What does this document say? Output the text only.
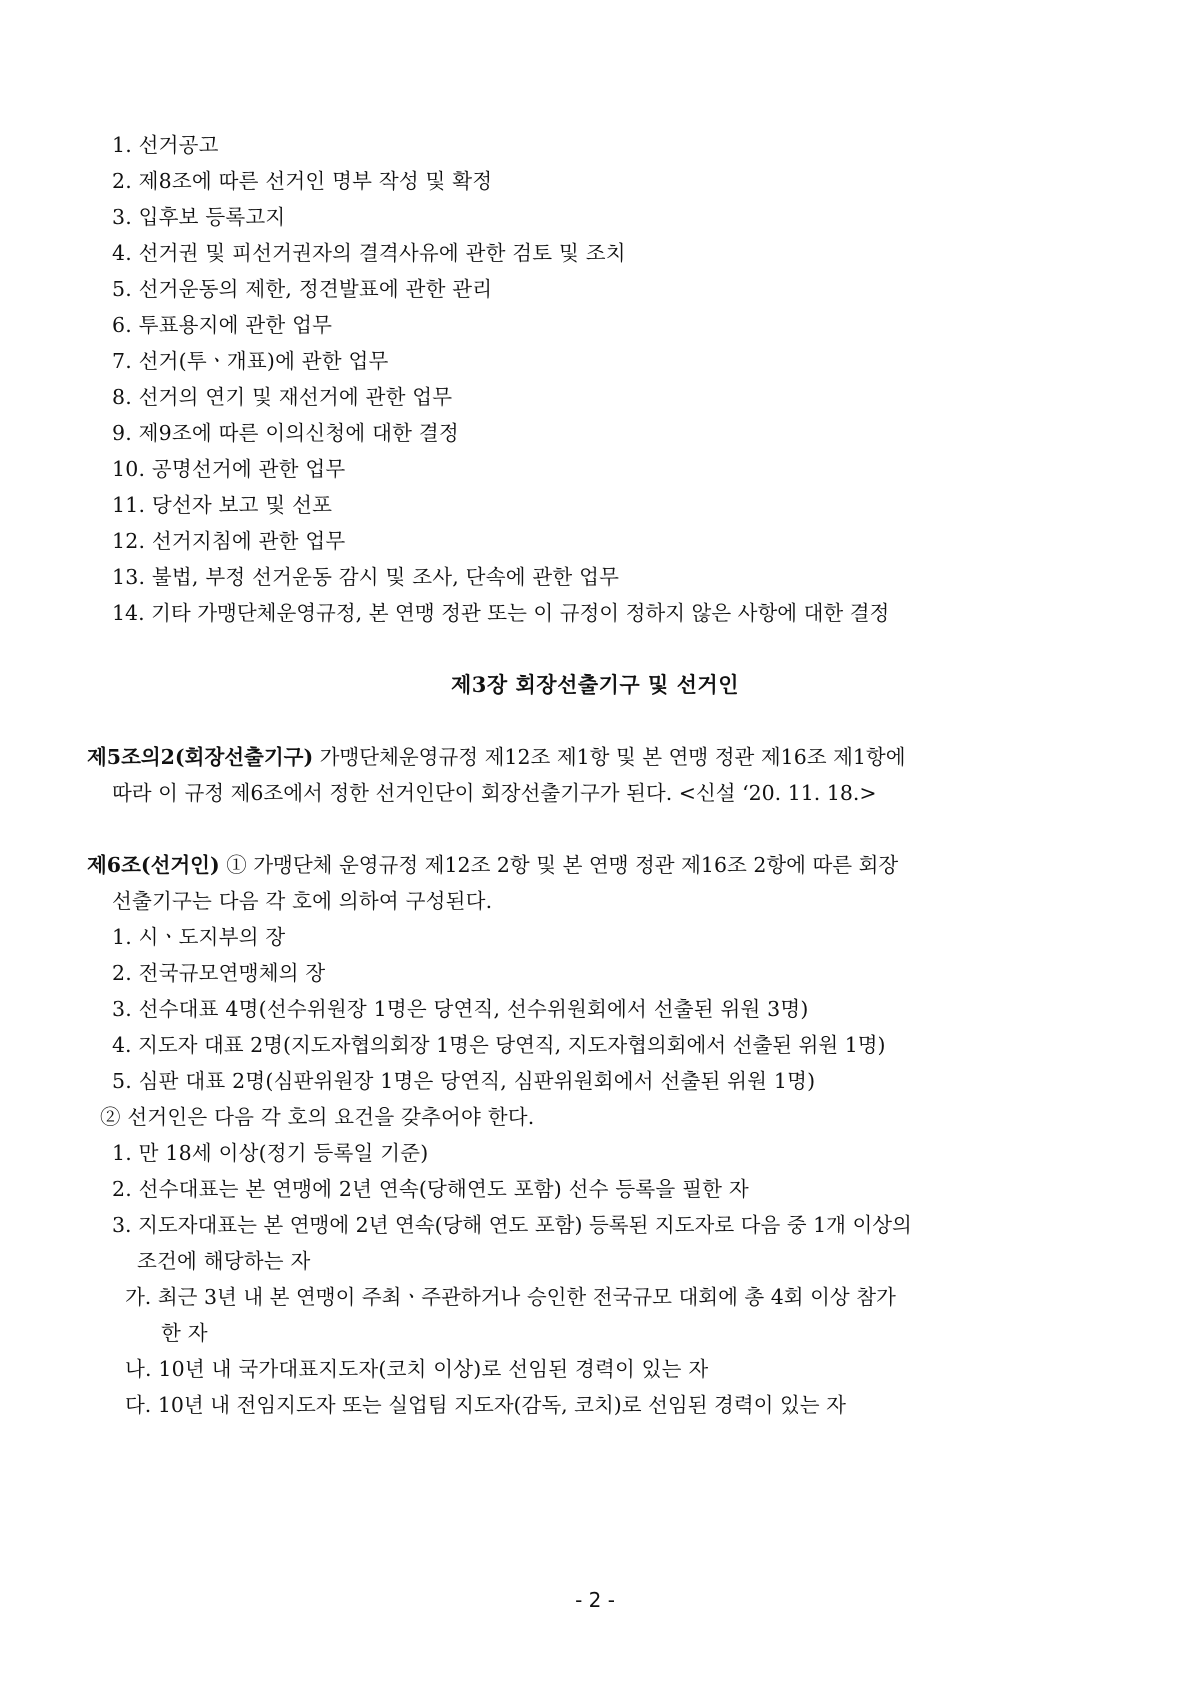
1. 선거공고
2. 제8조에 따른 선거인 명부 작성 및 확정
3. 입후보 등록고지
4. 선거권 및 피선거권자의 결격사유에 관한 검토 및 조치
5. 선거운동의 제한, 정견발표에 관한 관리
6. 투표용지에 관한 업무
7. 선거(투ㆍ개표)에 관한 업무
8. 선거의 연기 및 재선거에 관한 업무
9. 제9조에 따른 이의신청에 대한 결정
10. 공명선거에 관한 업무
11. 당선자 보고 및 선포
12. 선거지침에 관한 업무
13. 불법, 부정 선거운동 감시 및 조사, 단속에 관한 업무
14. 기타 가맹단체운영규정, 본 연맹 정관 또는 이 규정이 정하지 않은 사항에 대한 결정
제3장 회장선출기구 및 선거인
제5조의2(회장선출기구) 가맹단체운영규정 제12조 제1항 및 본 연맹 정관 제16조 제1항에
따라 이 규정 제6조에서 정한 선거인단이 회장선출기구가 된다. <신설 ‘20. 11. 18.>
제6조(선거인) ① 가맹단체 운영규정 제12조 2항 및 본 연맹 정관 제16조 2항에 따른 회장
선출기구는 다음 각 호에 의하여 구성된다.
1. 시ㆍ도지부의 장
2. 전국규모연맹체의 장
3. 선수대표 4명(선수위원장 1명은 당연직, 선수위원회에서 선출된 위원 3명)
4. 지도자 대표 2명(지도자협의회장 1명은 당연직, 지도자협의회에서 선출된 위원 1명)
5. 심판 대표 2명(심판위원장 1명은 당연직, 심판위원회에서 선출된 위원 1명)
② 선거인은 다음 각 호의 요건을 갖추어야 한다.
1. 만 18세 이상(정기 등록일 기준)
2. 선수대표는 본 연맹에 2년 연속(당해연도 포함) 선수 등록을 필한 자
3. 지도자대표는 본 연맹에 2년 연속(당해 연도 포함) 등록된 지도자로 다음 중 1개 이상의
조건에 해당하는 자
가. 최근 3년 내 본 연맹이 주최ㆍ주관하거나 승인한 전국규모 대회에 총 4회 이상 참가
한 자
나. 10년 내 국가대표지도자(코치 이상)로 선임된 경력이 있는 자
다. 10년 내 전임지도자 또는 실업팀 지도자(감독, 코치)로 선임된 경력이 있는 자
- 2 -
